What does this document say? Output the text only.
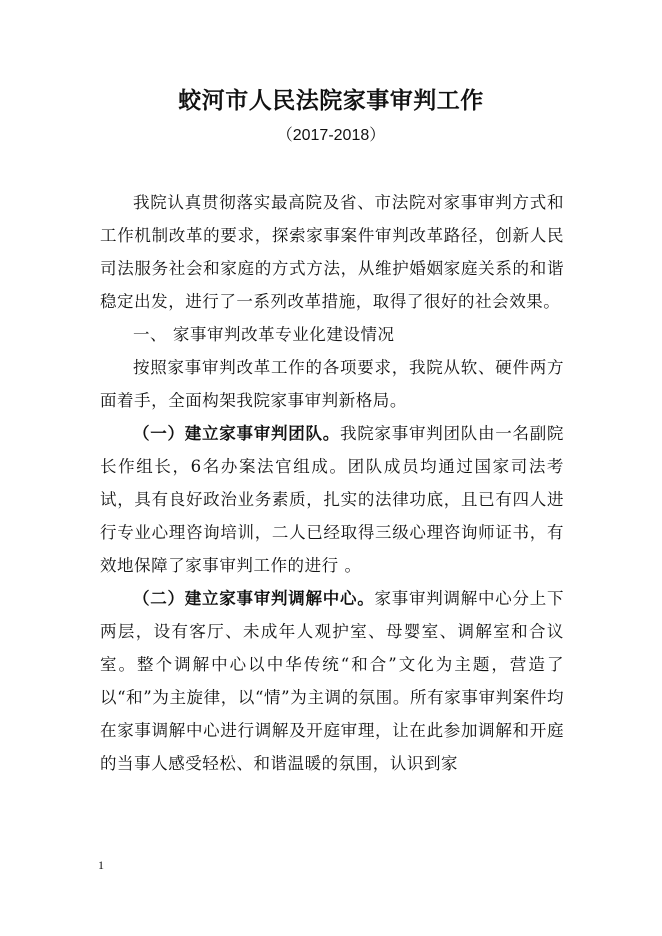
蛟河市人民法院家事审判工作

（2017-2018）

我院认真贯彻落实最高院及省、市法院对家事审判方式和工作机制改革的要求，探索家事案件审判改革路径，创新人民司法服务社会和家庭的方式方法，从维护婚姻家庭关系的和谐稳定出发，进行了一系列改革措施，取得了很好的社会效果。

一、 家事审判改革专业化建设情况

按照家事审判改革工作的各项要求，我院从软、硬件两方面着手，全面构架我院家事审判新格局。

（一）建立家事审判团队。我院家事审判团队由一名副院长作组长，6名办案法官组成。团队成员均通过国家司法考试，具有良好政治业务素质，扎实的法律功底，且已有四人进行专业心理咨询培训，二人已经取得三级心理咨询师证书，有效地保障了家事审判工作的进行 。

（二）建立家事审判调解中心。家事审判调解中心分上下两层，设有客厅、未成年人观护室、母婴室、调解室和合议室。整个调解中心以中华传统“和合”文化为主题，营造了以“和”为主旋律，以“情”为主调的氛围。所有家事审判案件均在家事调解中心进行调解及开庭审理，让在此参加调解和开庭的当事人感受轻松、和谐温暖的氛围，认识到家

1
